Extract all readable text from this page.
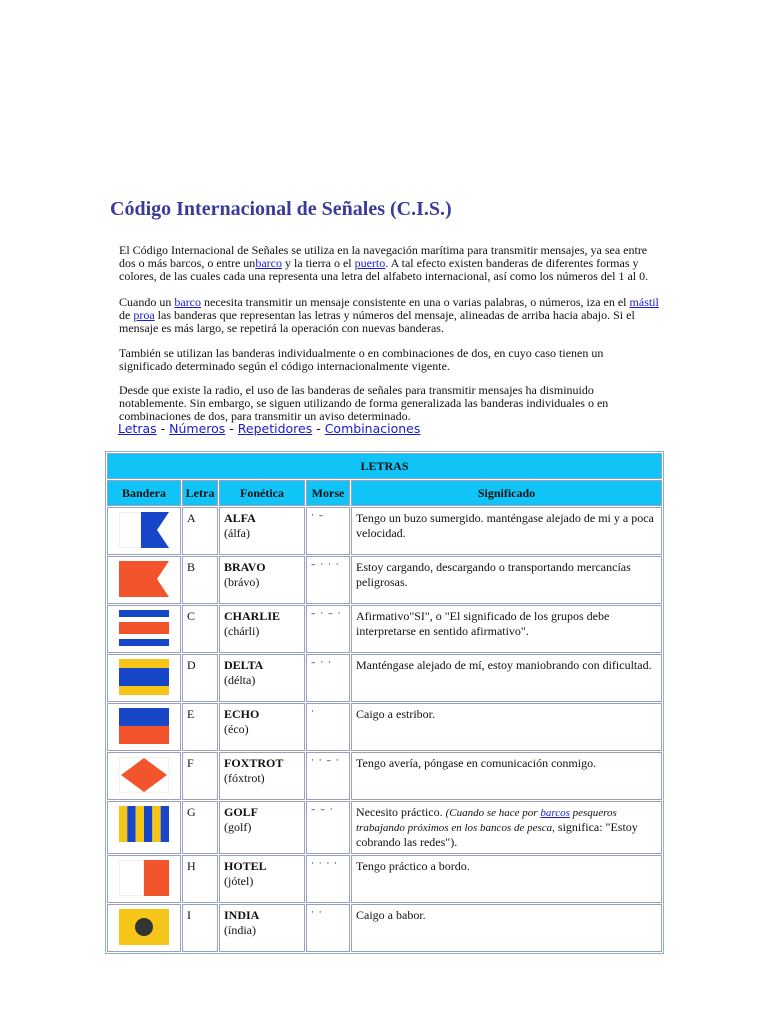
Código Internacional de Señales (C.I.S.)

El Código Internacional de Señales se utiliza en la navegación marítima para transmitir mensajes, ya sea entre dos o más barcos, o entre unbarco y la tierra o el puerto. A tal efecto existen banderas de diferentes formas y colores, de las cuales cada una representa una letra del alfabeto internacional, así como los números del 1 al 0.

Cuando un barco necesita transmitir un mensaje consistente en una o varias palabras, o números, iza en el mástil de proa las banderas que representan las letras y números del mensaje, alineadas de arriba hacia abajo. Si el mensaje es más largo, se repetirá la operación con nuevas banderas.

También se utilizan las banderas individualmente o en combinaciones de dos, en cuyo caso tienen un significado determinado según el código internacionalmente vigente.

Desde que existe la radio, el uso de las banderas de señales para transmitir mensajes ha disminuido notablemente. Sin embargo, se siguen utilizando de forma generalizada las banderas individuales o en combinaciones de dos, para transmitir un aviso determinado.

Letras - Números - Repetidores - Combinaciones
LETRAS				
Bandera	Letra	Fonética	Morse	Significado
	A	ALFA
(álfa)	· –	Tengo un buzo sumergido. manténgase alejado de mi y a poca velocidad.
	B	BRAVO
(brávo)	– · · ·	Estoy cargando, descargando o transportando mercancías peligrosas.
	C	CHARLIE
(chárli)	– · – ·	Afirmativo"SI", o "El significado de los grupos debe interpretarse en sentido afirmativo".
	D	DELTA
(délta)	– · ·	Manténgase alejado de mí, estoy maniobrando con dificultad.
	E	ECHO
(éco)	·	Caigo a estribor.
	F	FOXTROT
(fóxtrot)	· · – ·	Tengo avería, póngase en comunicación conmigo.
	G	GOLF
(golf)	– – ·	Necesito práctico. (Cuando se hace por barcos pesqueros trabajando próximos en los bancos de pesca, significa: "Estoy cobrando las redes").
	H	HOTEL
(jótel)	· · · ·	Tengo práctico a bordo.
	I	INDIA
(índia)	· ·	Caigo a babor.
